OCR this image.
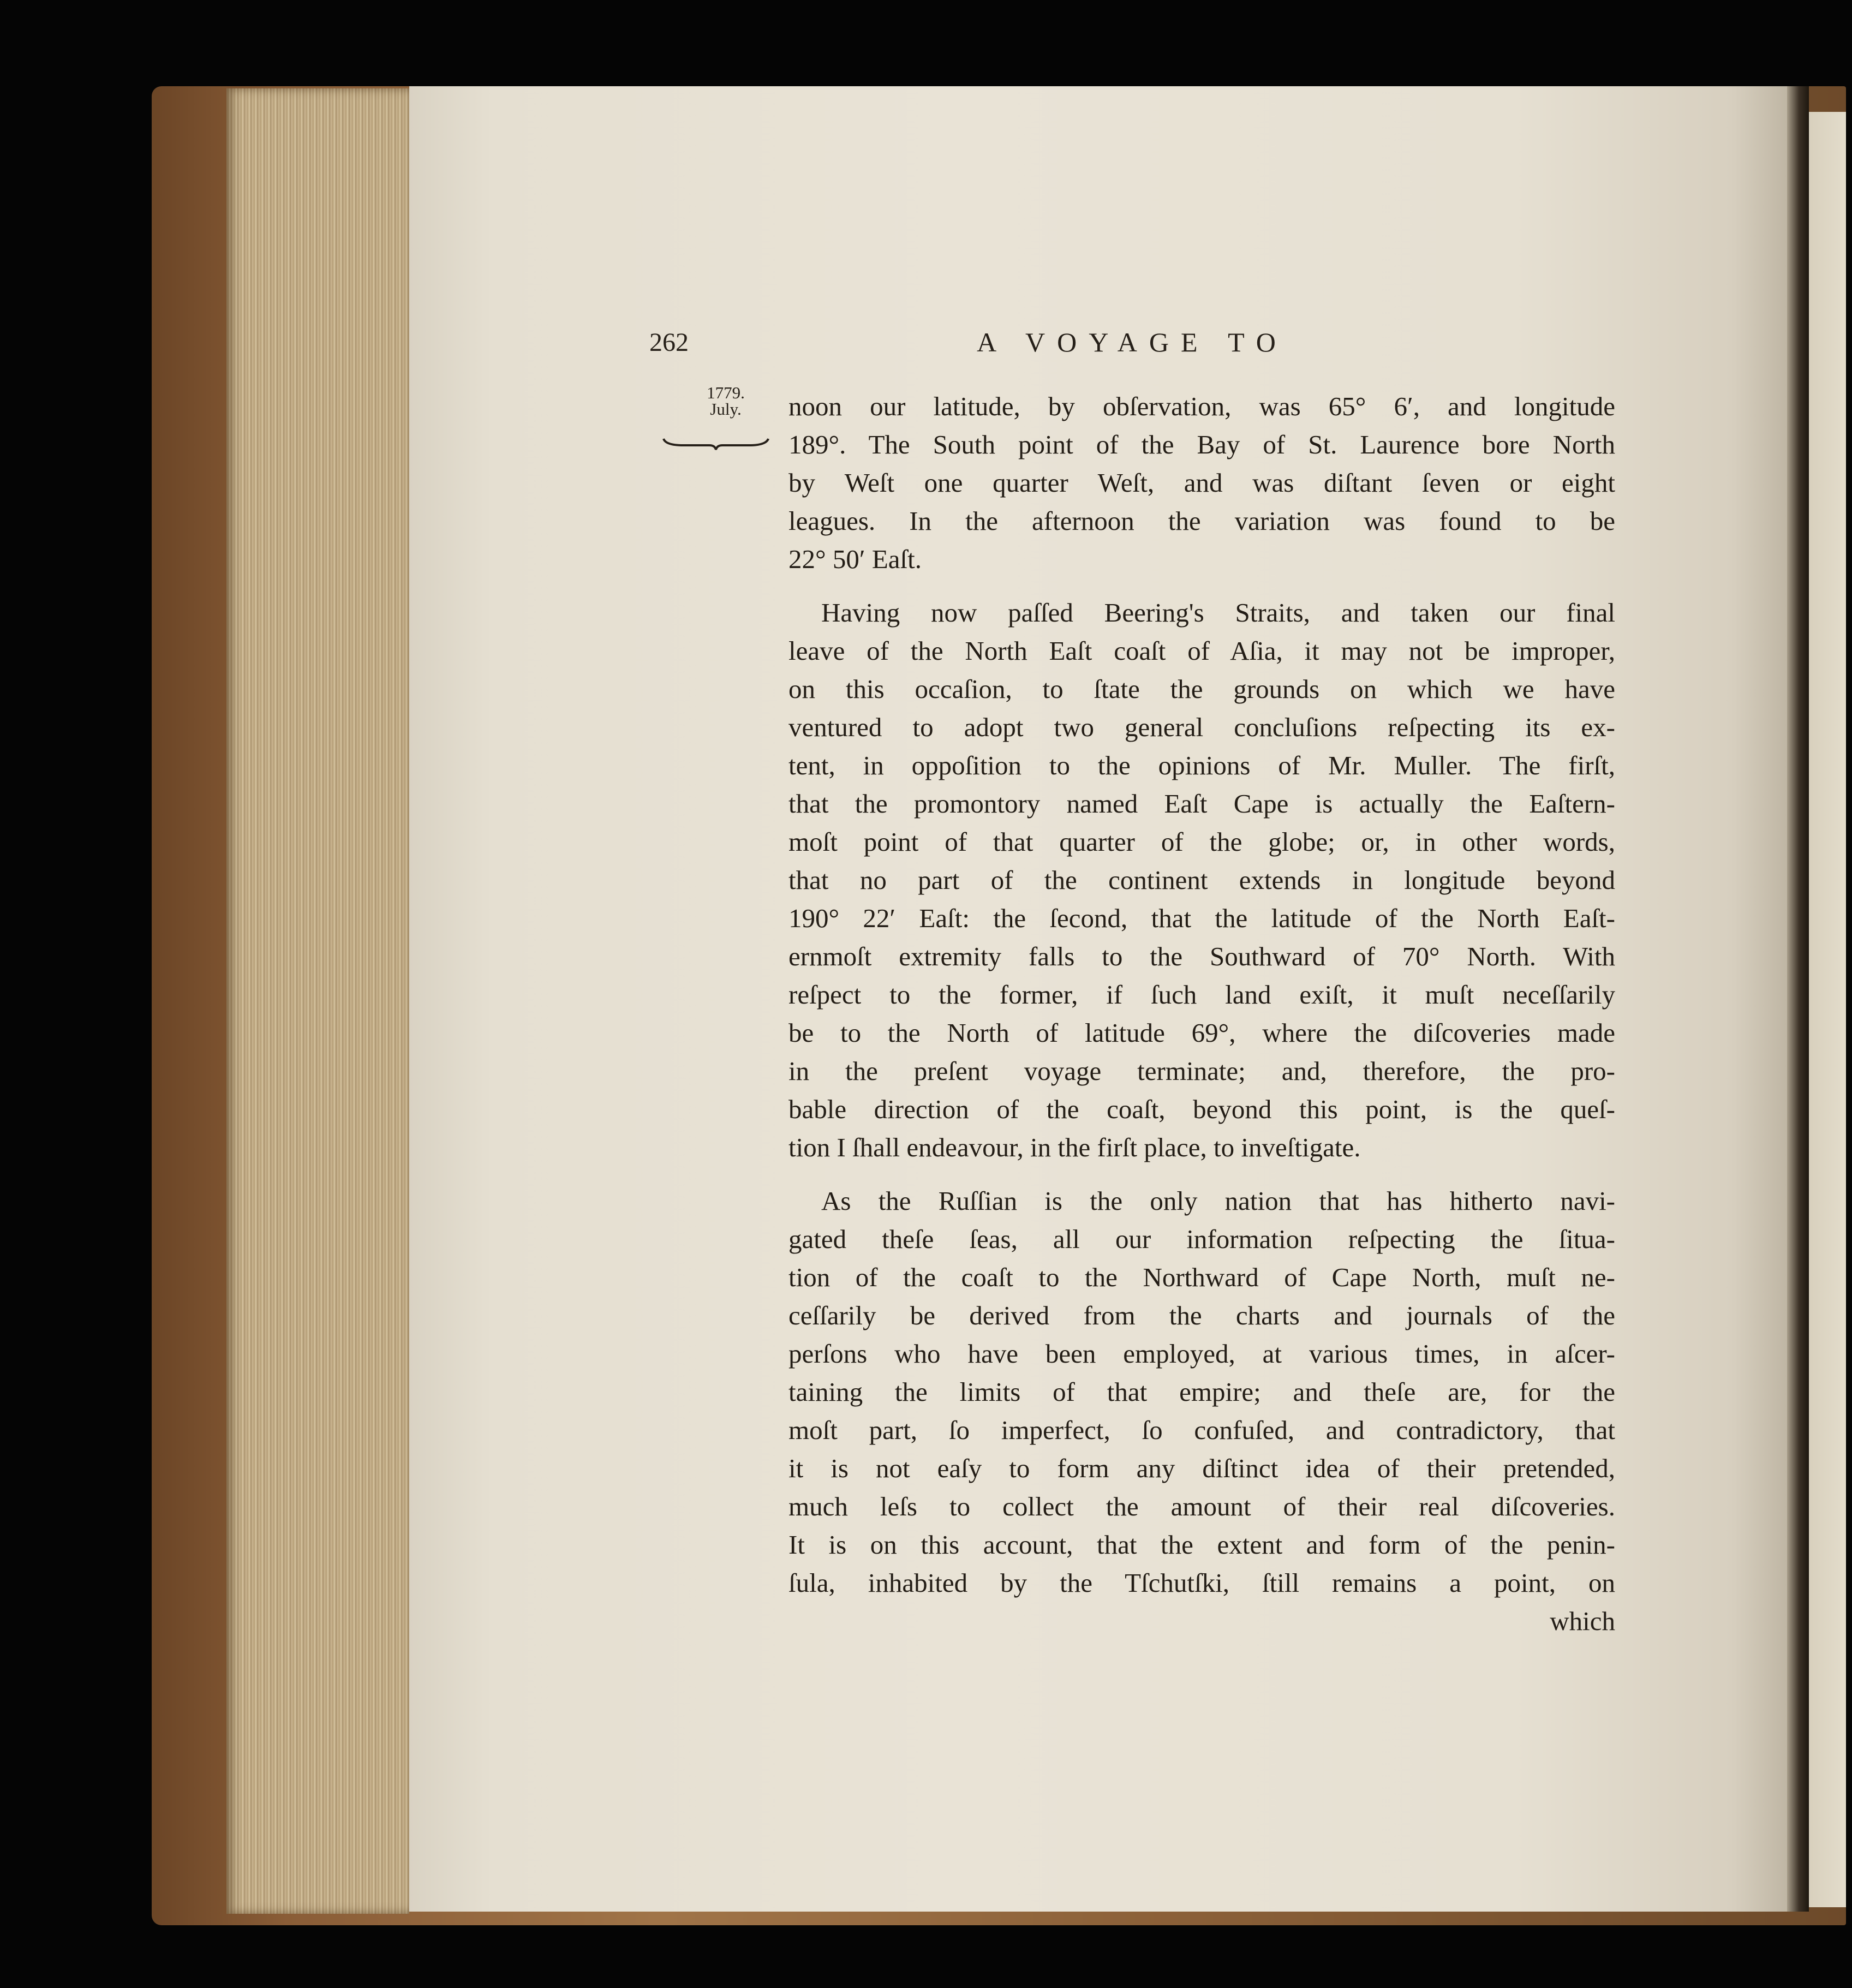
262	A VOYAGE TO
1779.
July.	noon our latitude, by obſervation, was 65° 6′, and longitude
189°. The South point of the Bay of St. Laurence bore North
by Weſt one quarter Weſt, and was diſtant ſeven or eight
leagues. In the afternoon the variation was found to be
22° 50′ Eaſt.

Having now paſſed Beering's Straits, and taken our final
leave of the North Eaſt coaſt of Aſia, it may not be improper,
on this occaſion, to ſtate the grounds on which we have
ventured to adopt two general concluſions reſpecting its ex-
tent, in oppoſition to the opinions of Mr. Muller. The firſt,
that the promontory named Eaſt Cape is actually the Eaſtern-
moſt point of that quarter of the globe; or, in other words,
that no part of the continent extends in longitude beyond
190° 22′ Eaſt: the ſecond, that the latitude of the North Eaſt-
ernmoſt extremity falls to the Southward of 70° North. With
reſpect to the former, if ſuch land exiſt, it muſt neceſſarily
be to the North of latitude 69°, where the diſcoveries made
in the preſent voyage terminate; and, therefore, the pro-
bable direction of the coaſt, beyond this point, is the queſ-
tion I ſhall endeavour, in the firſt place, to inveſtigate.

As the Ruſſian is the only nation that has hitherto navi-
gated theſe ſeas, all our information reſpecting the ſitua-
tion of the coaſt to the Northward of Cape North, muſt ne-
ceſſarily be derived from the charts and journals of the
perſons who have been employed, at various times, in aſcer-
taining the limits of that empire; and theſe are, for the
moſt part, ſo imperfect, ſo confuſed, and contradictory, that
it is not eaſy to form any diſtinct idea of their pretended,
much leſs to collect the amount of their real diſcoveries.
It is on this account, that the extent and form of the penin-
ſula, inhabited by the Tſchutſki, ſtill remains a point, on

which
